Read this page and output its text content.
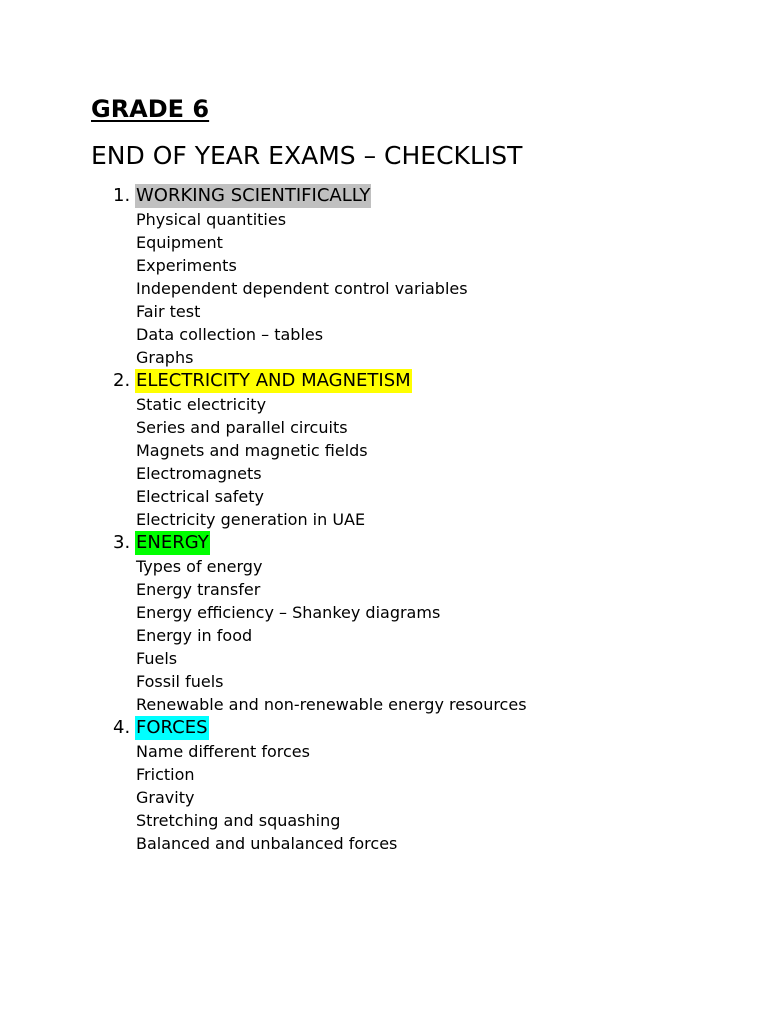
GRADE 6
END OF YEAR EXAMS – CHECKLIST
1. WORKING SCIENTIFICALLY
Physical quantities
Equipment
Experiments
Independent dependent control variables
Fair test
Data collection – tables
Graphs
2. ELECTRICITY AND MAGNETISM
Static electricity
Series and parallel circuits
Magnets and magnetic fields
Electromagnets
Electrical safety
Electricity generation in UAE
3. ENERGY
Types of energy
Energy transfer
Energy efficiency – Shankey diagrams
Energy in food
Fuels
Fossil fuels
Renewable and non-renewable energy resources
4. FORCES
Name different forces
Friction
Gravity
Stretching and squashing
Balanced and unbalanced forces
